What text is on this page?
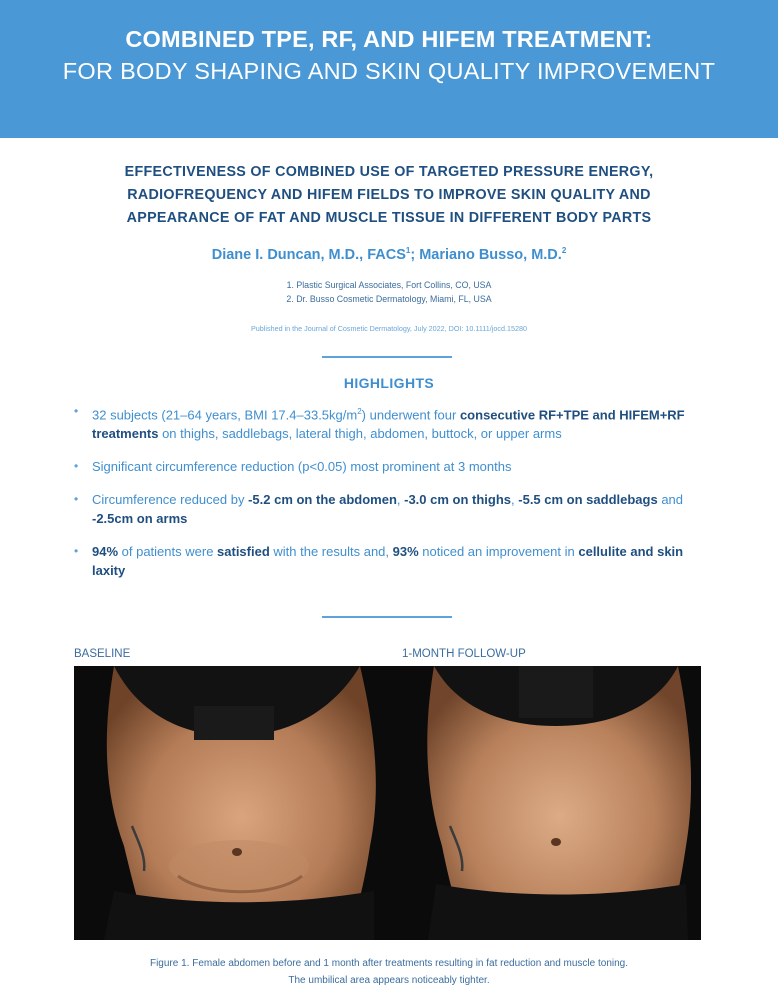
COMBINED TPE, RF, AND HIFEM TREATMENT:
FOR BODY SHAPING AND SKIN QUALITY IMPROVEMENT
EFFECTIVENESS OF COMBINED USE OF TARGETED PRESSURE ENERGY, RADIOFREQUENCY AND HIFEM FIELDS TO IMPROVE SKIN QUALITY AND APPEARANCE OF FAT AND MUSCLE TISSUE IN DIFFERENT BODY PARTS
Diane I. Duncan, M.D., FACS$^1$; Mariano Busso, M.D.$^2$
1. Plastic Surgical Associates, Fort Collins, CO, USA
2. Dr. Busso Cosmetic Dermatology, Miami, FL, USA
Published in the Journal of Cosmetic Dermatology, July 2022, DOI: 10.1111/jocd.15280
HIGHLIGHTS
• 32 subjects (21–64 years, BMI $17.4-33.5kg/m^2$) underwent four consecutive RF+TPE and HIFEM+RF treatments on thighs, saddlebags, lateral thigh, abdomen, buttock, or upper arms
• Significant circumference reduction (p<0.05) most prominent at 3 months
• Circumference reduced by -5.2 cm on the abdomen, -3.0 cm on thighs, -5.5 cm on saddlebags and -2.5cm on arms
• 94% of patients were satisfied with the results and, 93% noticed an improvement in cellulite and skin laxity
BASELINE	1-MONTH FOLLOW-UP
Figure 1. Female abdomen before and 1 month after treatments resulting in fat reduction and muscle toning.
The umbilical area appears noticeably tighter.
